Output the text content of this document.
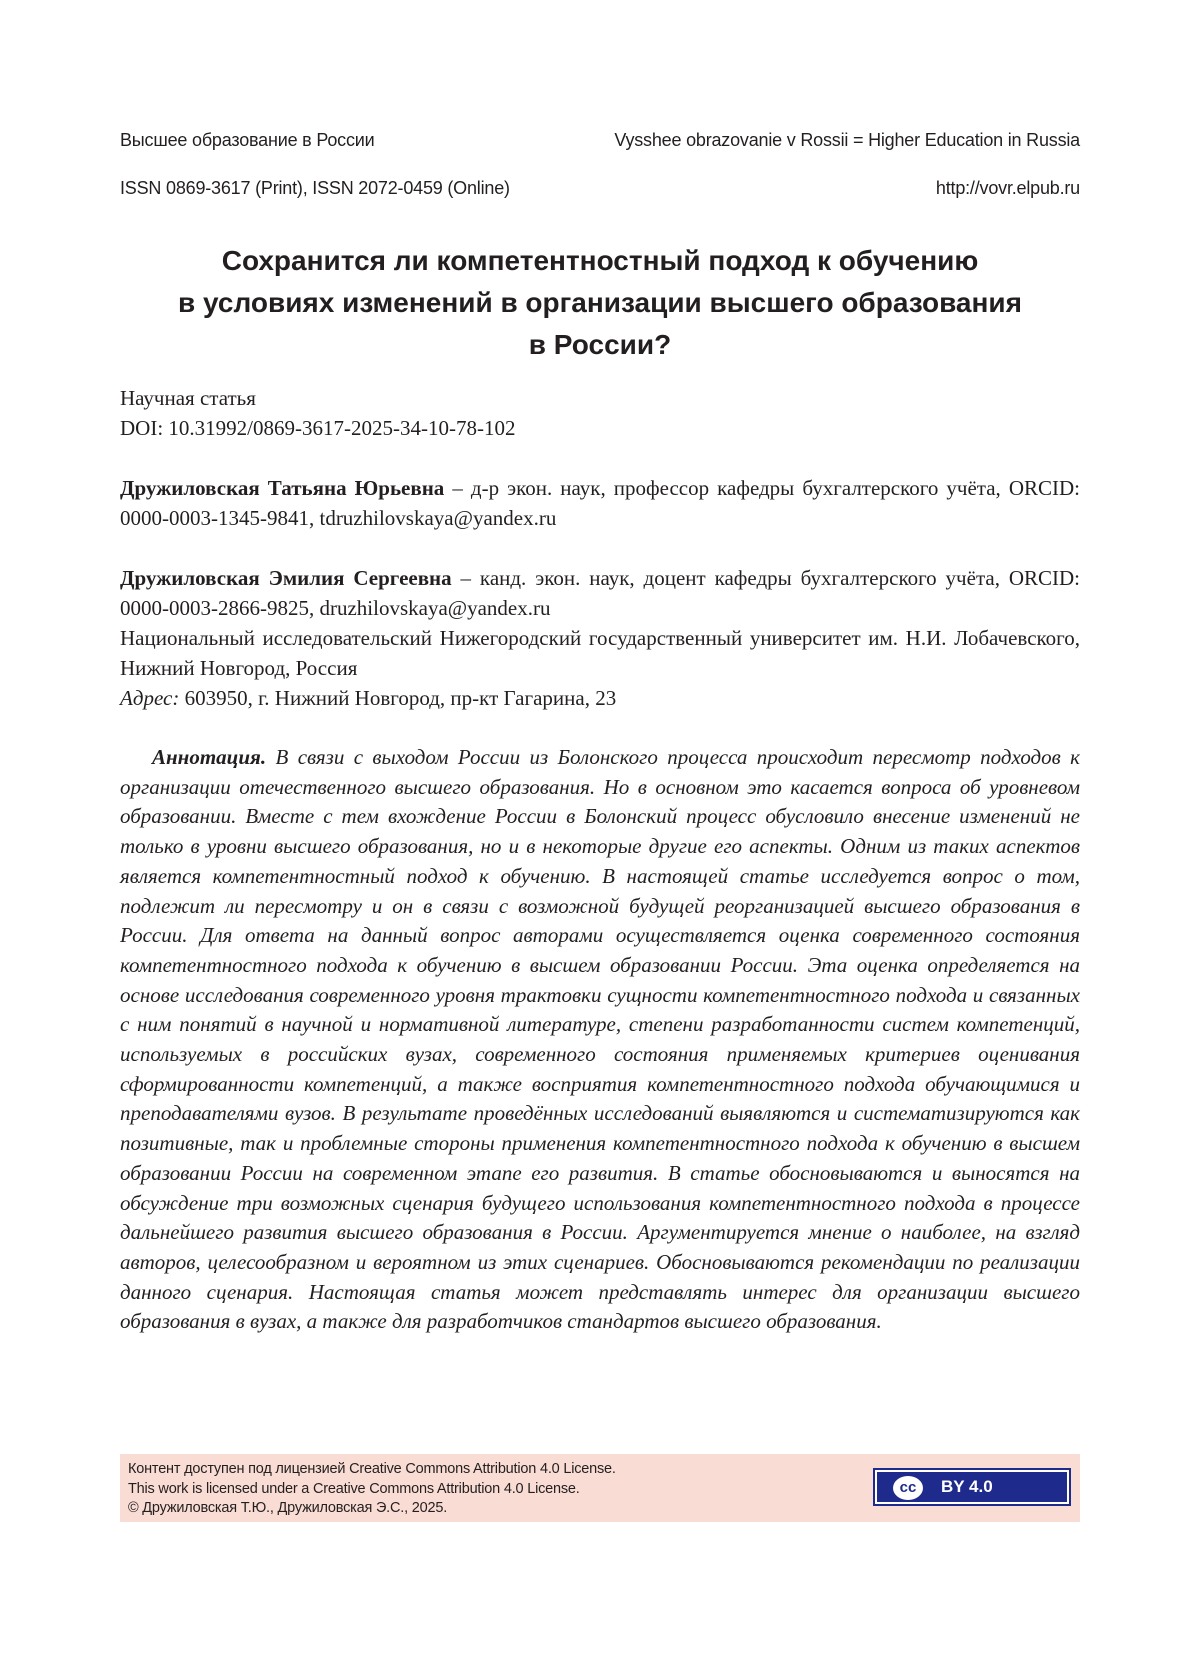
Высшее образование в России	Vysshee obrazovanie v Rossii = Higher Education in Russia
ISSN 0869-3617 (Print), ISSN 2072-0459 (Online)	http://vovr.elpub.ru
Сохранится ли компетентностный подход к обучению
в условиях изменений в организации высшего образования
в России?
Научная статья
DOI: 10.31992/0869-3617-2025-34-10-78-102
Дружиловская Татьяна Юрьевна – д-р экон. наук, профессор кафедры бухгалтерского учёта, ORCID: 0000-0003-1345-9841, tdruzhilovskaya@yandex.ru
Дружиловская Эмилия Сергеевна – канд. экон. наук, доцент кафедры бухгалтерского учёта, ORCID: 0000-0003-2866-9825, druzhilovskaya@yandex.ru
Национальный исследовательский Нижегородский государственный университет им. Н.И. Лобачевского, Нижний Новгород, Россия
Адрес: 603950, г. Нижний Новгород, пр-кт Гагарина, 23

Аннотация. В связи с выходом России из Болонского процесса происходит пересмотр подходов к организации отечественного высшего образования. Но в основном это касается вопроса об уровневом образовании. Вместе с тем вхождение России в Болонский процесс обусловило внесение изменений не только в уровни высшего образования, но и в некоторые другие его аспекты. Одним из таких аспектов является компетентностный подход к обучению. В настоящей статье исследуется вопрос о том, подлежит ли пересмотру и он в связи с возможной будущей реорганизацией высшего образования в России. Для ответа на данный вопрос авторами осуществляется оценка современного состояния компетентностного подхода к обучению в высшем образовании России. Эта оценка определяется на основе исследования современного уровня трактовки сущности компетентностного подхода и связанных с ним понятий в научной и нормативной литературе, степени разработанности систем компетенций, используемых в российских вузах, современного состояния применяемых критериев оценивания сформированности компетенций, а также восприятия компетентностного подхода обучающимися и преподавателями вузов. В результате проведённых исследований выявляются и систематизируются как позитивные, так и проблемные стороны применения компетентностного подхода к обучению в высшем образовании России на современном этапе его развития. В статье обосновываются и выносятся на обсуждение три возможных сценария будущего использования компетентностного подхода в процессе дальнейшего развития высшего образования в России. Аргументируется мнение о наиболее, на взгляд авторов, целесообразном и вероятном из этих сценариев. Обосновываются рекомендации по реализации данного сценария. Настоящая статья может представлять интерес для организации высшего образования в вузах, а также для разработчиков стандартов высшего образования.

Контент доступен под лицензией Creative Commons Attribution 4.0 License.
This work is licensed under a Creative Commons Attribution 4.0 License.
© Дружиловская Т.Ю., Дружиловская Э.С., 2025.
cc	BY 4.0
